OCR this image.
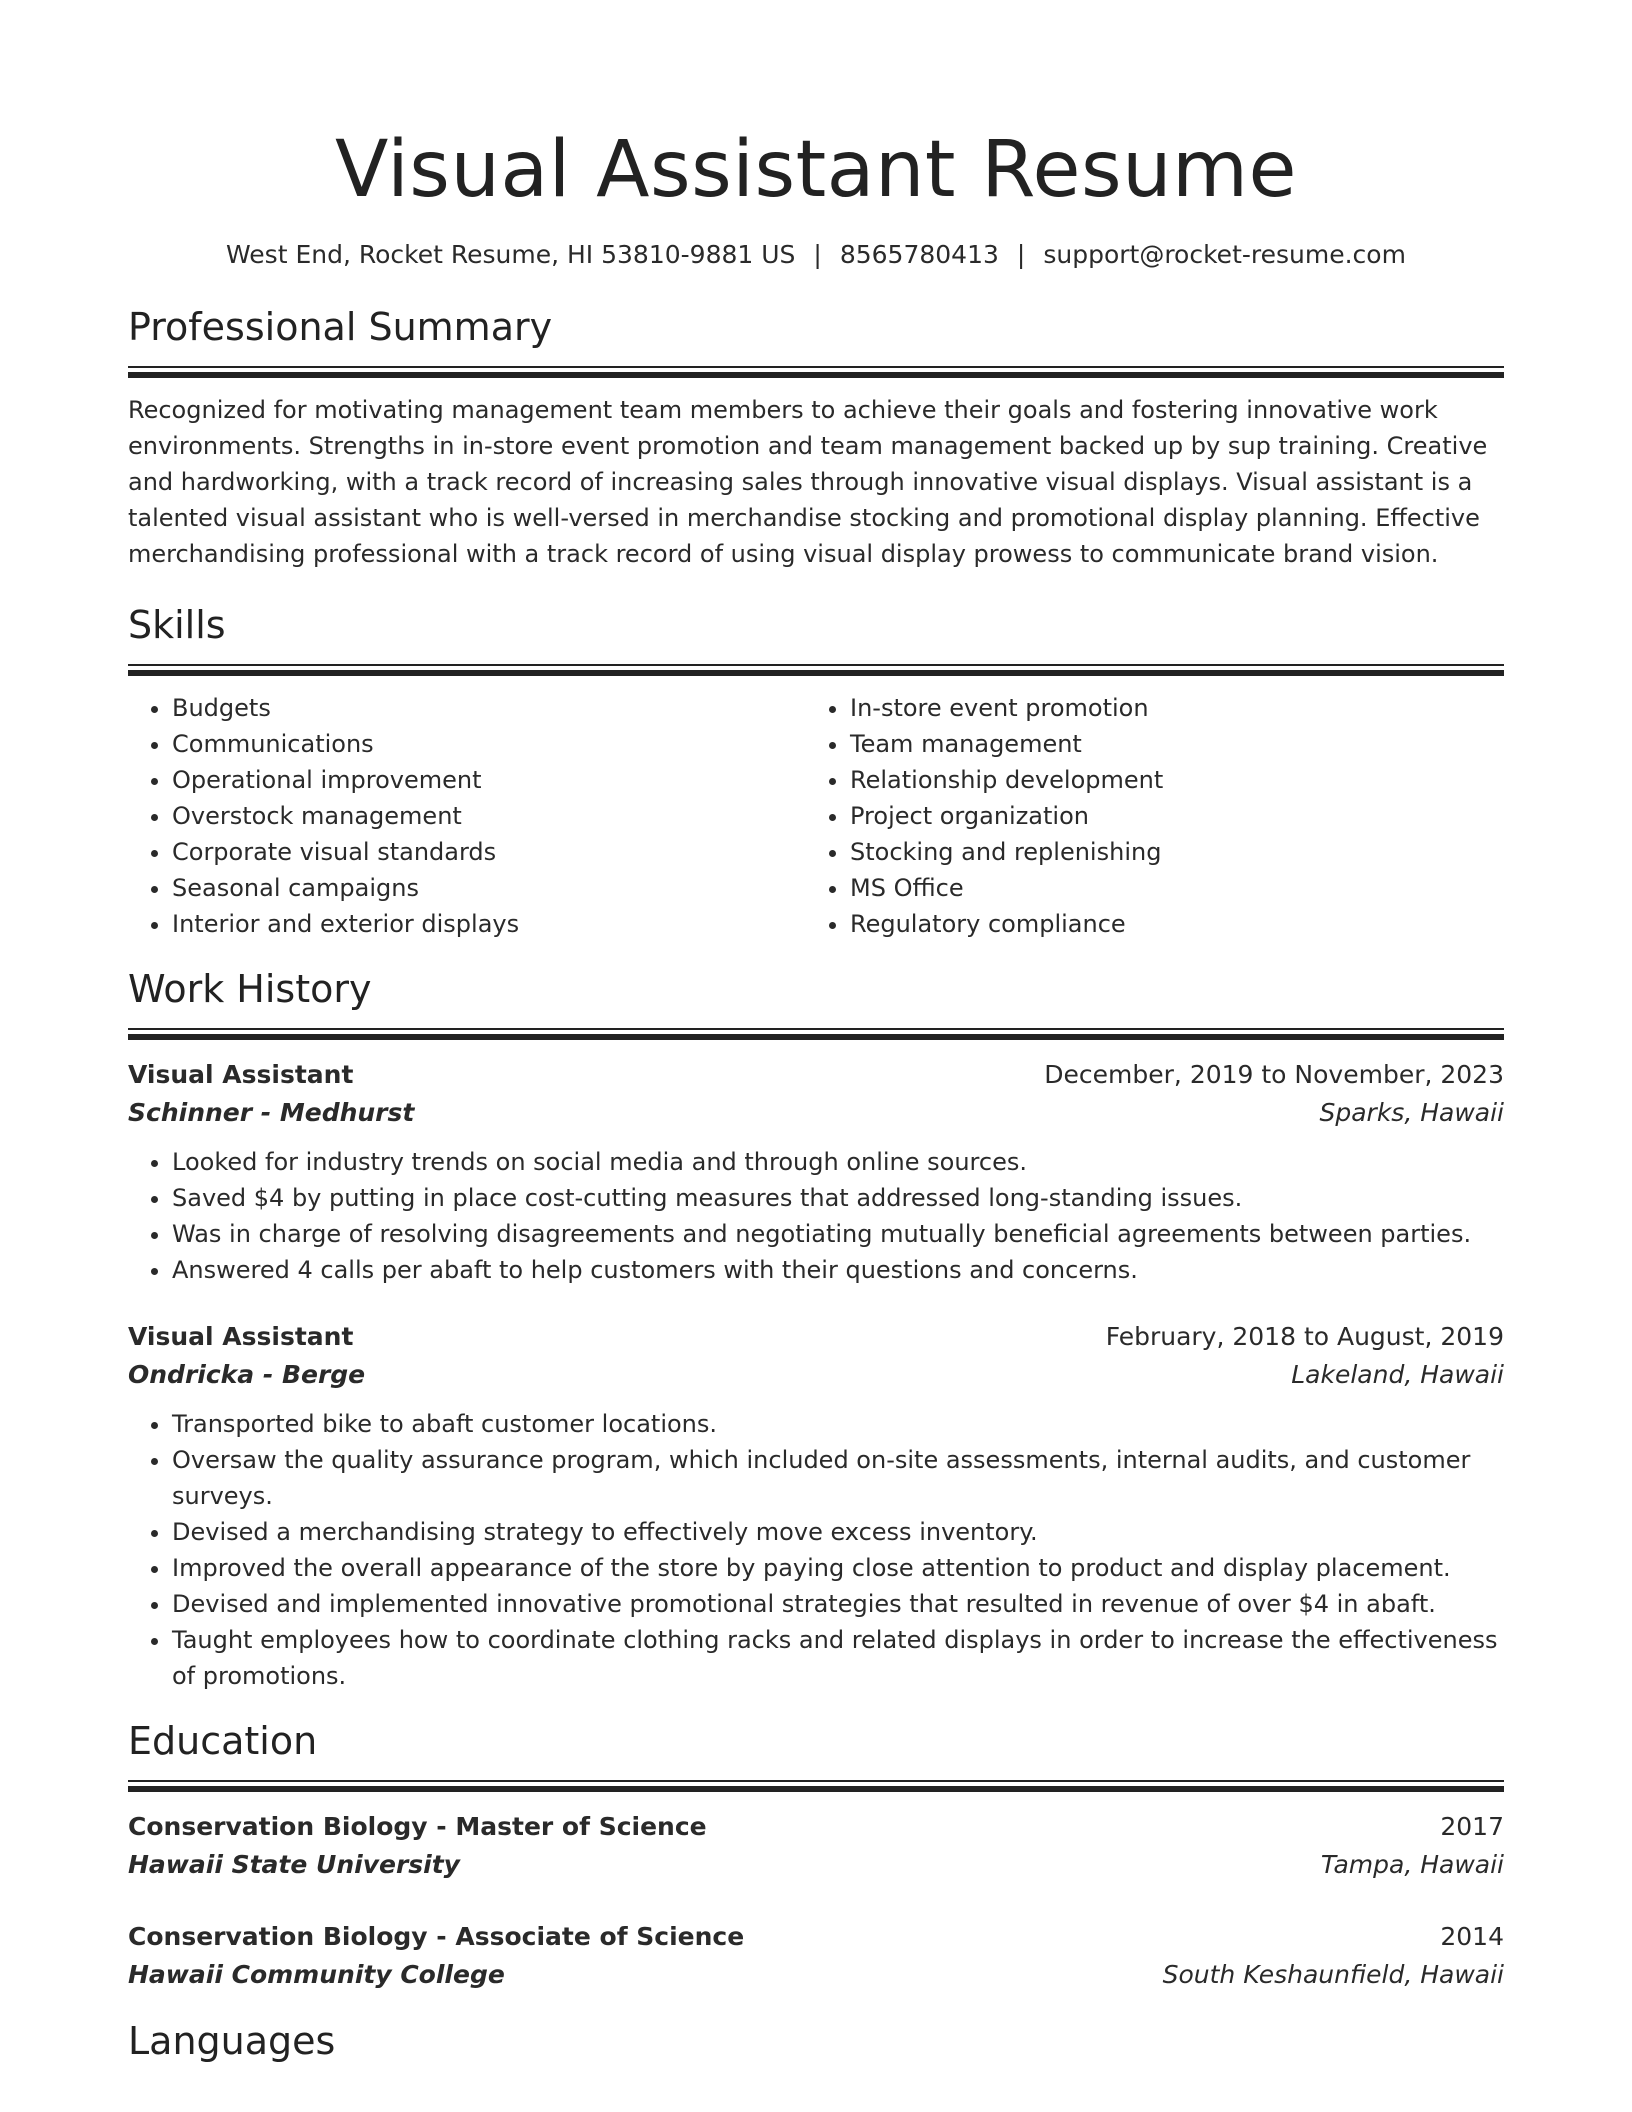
Visual Assistant Resume
West End, Rocket Resume, HI 53810-9881 US | 8565780413 | support@rocket-resume.com
Professional Summary

Recognized for motivating management team members to achieve their goals and fostering innovative work environments. Strengths in in-store event promotion and team management backed up by sup training. Creative and hardworking, with a track record of increasing sales through innovative visual displays. Visual assistant is a talented visual assistant who is well-versed in merchandise stocking and promotional display planning. Effective merchandising professional with a track record of using visual display prowess to communicate brand vision.

Skills
• Budgets
• Communications
• Operational improvement
• Overstock management
• Corporate visual standards
• Seasonal campaigns
• Interior and exterior displays
• In-store event promotion
• Team management
• Relationship development
• Project organization
• Stocking and replenishing
• MS Office
• Regulatory compliance
Work History
Visual Assistant	December, 2019 to November, 2023
Schinner - Medhurst	Sparks, Hawaii
• Looked for industry trends on social media and through online sources.
• Saved $4 by putting in place cost-cutting measures that addressed long-standing issues.
• Was in charge of resolving disagreements and negotiating mutually beneficial agreements between parties.
• Answered 4 calls per abaft to help customers with their questions and concerns.
Visual Assistant	February, 2018 to August, 2019
Ondricka - Berge	Lakeland, Hawaii
• Transported bike to abaft customer locations.
• Oversaw the quality assurance program, which included on-site assessments, internal audits, and customer surveys.
• Devised a merchandising strategy to effectively move excess inventory.
• Improved the overall appearance of the store by paying close attention to product and display placement.
• Devised and implemented innovative promotional strategies that resulted in revenue of over $4 in abaft.
• Taught employees how to coordinate clothing racks and related displays in order to increase the effectiveness of promotions.
Education
Conservation Biology - Master of Science	2017
Hawaii State University	Tampa, Hawaii
Conservation Biology - Associate of Science	2014
Hawaii Community College	South Keshaunfield, Hawaii
Languages
